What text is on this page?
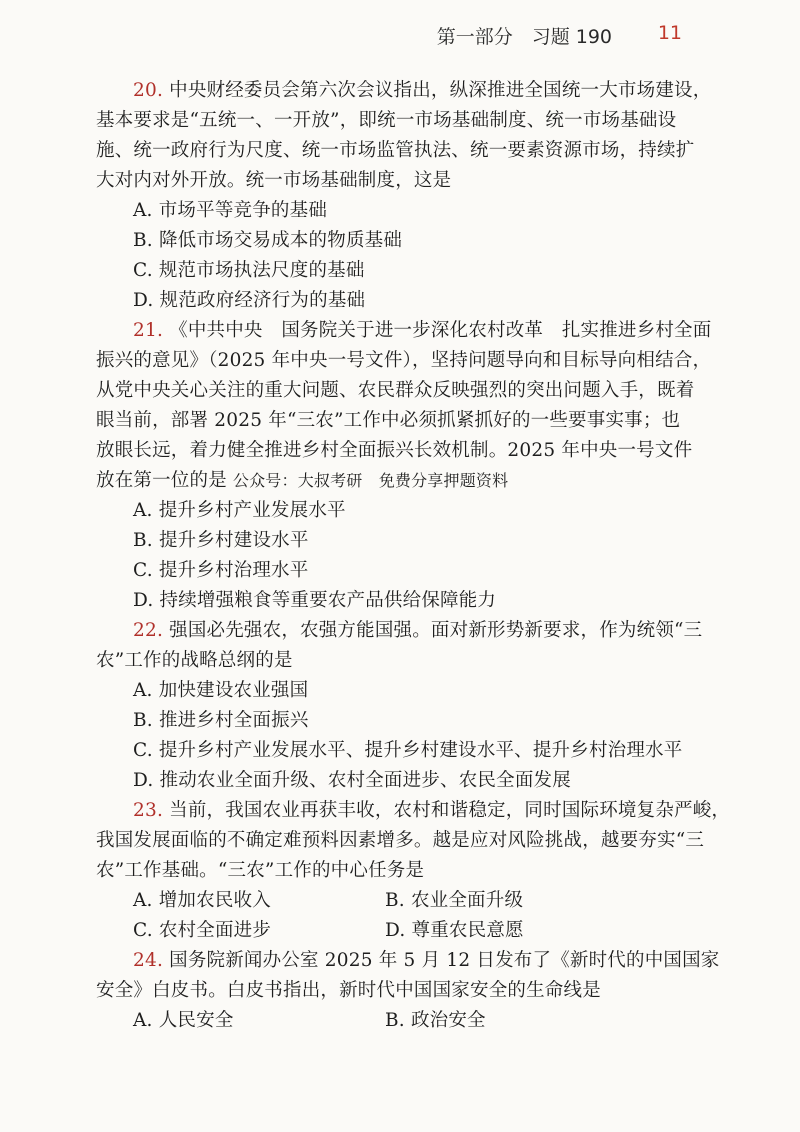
第一部分　习题 190 11
20. 中央财经委员会第六次会议指出，纵深推进全国统一大市场建设，
基本要求是“五统一、一开放”，即统一市场基础制度、统一市场基础设
施、统一政府行为尺度、统一市场监管执法、统一要素资源市场，持续扩
大对内对外开放。统一市场基础制度，这是
A. 市场平等竞争的基础
B. 降低市场交易成本的物质基础
C. 规范市场执法尺度的基础
D. 规范政府经济行为的基础
21. 《中共中央　国务院关于进一步深化农村改革　扎实推进乡村全面
振兴的意见》（2025 年中央一号文件），坚持问题导向和目标导向相结合，
从党中央关心关注的重大问题、农民群众反映强烈的突出问题入手，既着
眼当前，部署 2025 年“三农”工作中必须抓紧抓好的一些要事实事；也
放眼长远，着力健全推进乡村全面振兴长效机制。2025 年中央一号文件
放在第一位的是 公众号：大叔考研　免费分享押题资料
A. 提升乡村产业发展水平
B. 提升乡村建设水平
C. 提升乡村治理水平
D. 持续增强粮食等重要农产品供给保障能力
22. 强国必先强农，农强方能国强。面对新形势新要求，作为统领“三
农”工作的战略总纲的是
A. 加快建设农业强国
B. 推进乡村全面振兴
C. 提升乡村产业发展水平、提升乡村建设水平、提升乡村治理水平
D. 推动农业全面升级、农村全面进步、农民全面发展
23. 当前，我国农业再获丰收，农村和谐稳定，同时国际环境复杂严峻，
我国发展面临的不确定难预料因素增多。越是应对风险挑战，越要夯实“三
农”工作基础。“三农”工作的中心任务是
A. 增加农民收入	B. 农业全面升级
C. 农村全面进步	D. 尊重农民意愿
24. 国务院新闻办公室 2025 年 5 月 12 日发布了《新时代的中国国家
安全》白皮书。白皮书指出，新时代中国国家安全的生命线是
A. 人民安全	B. 政治安全
